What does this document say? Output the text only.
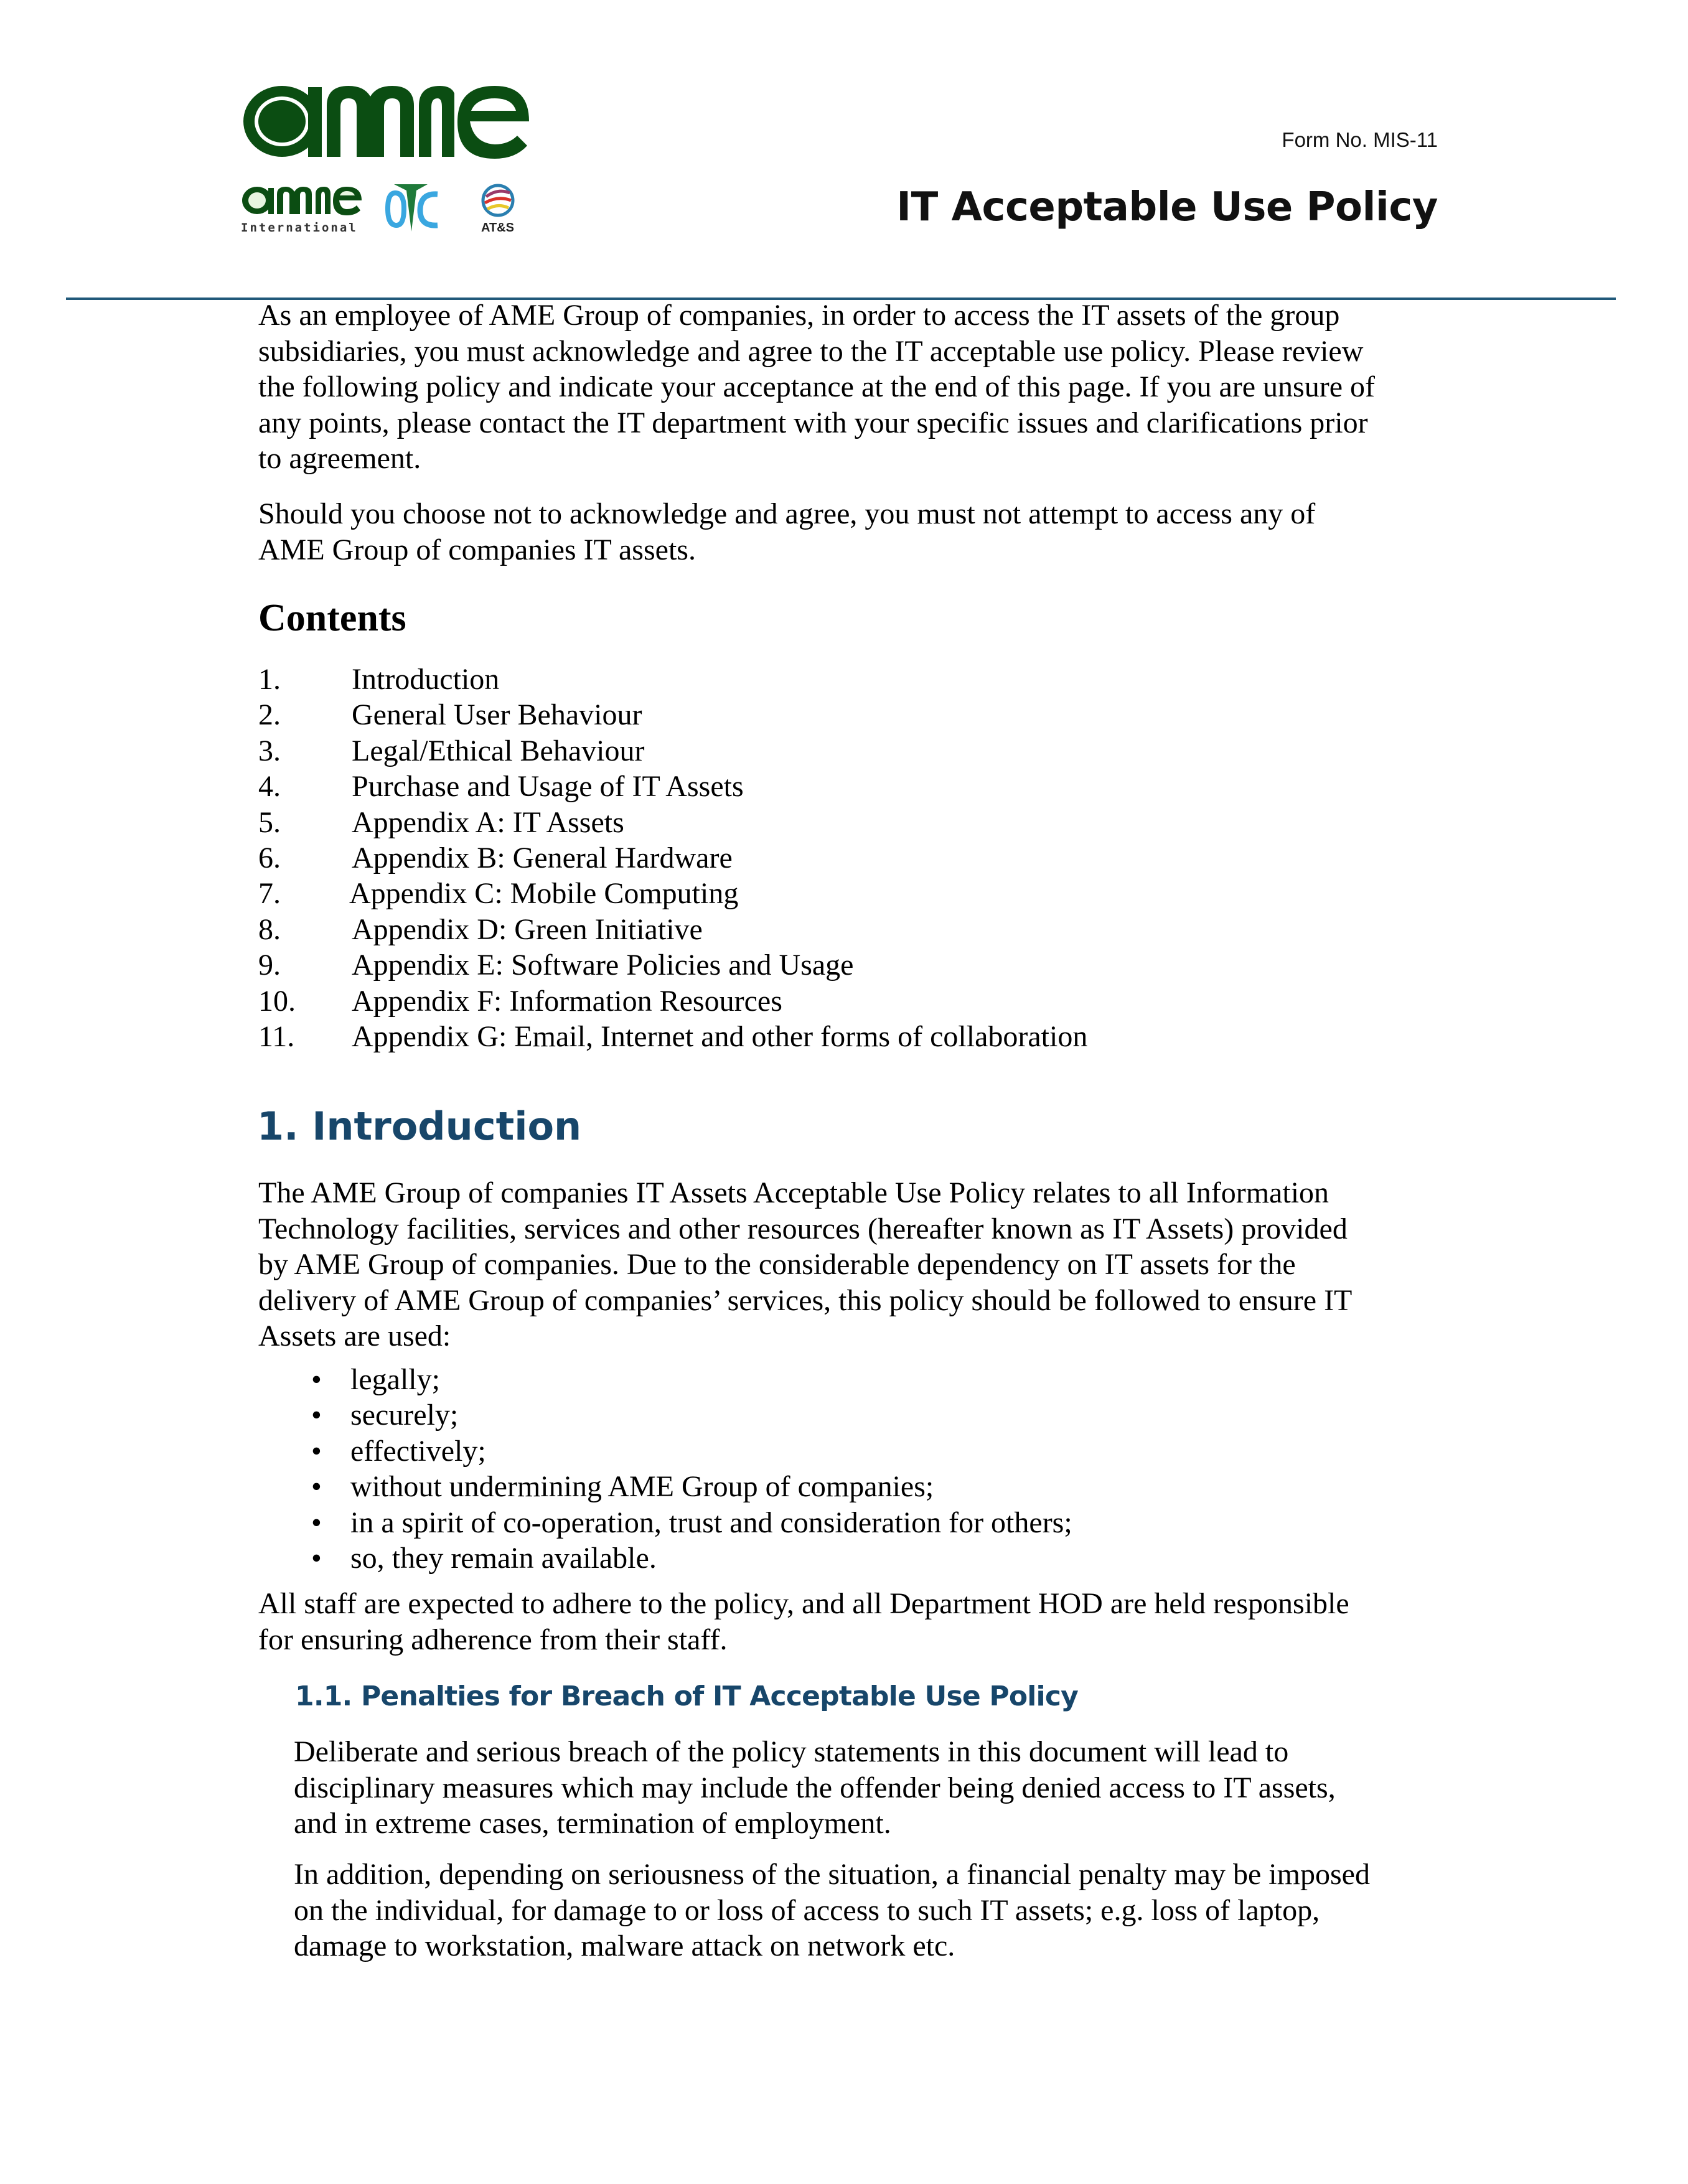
International	AT&S
Form No. MIS-11
IT Acceptable Use Policy

As an employee of AME Group of companies, in order to access the IT assets of the group
subsidiaries, you must acknowledge and agree to the IT acceptable use policy. Please review
the following policy and indicate your acceptance at the end of this page. If you are unsure of
any points, please contact the IT department with your specific issues and clarifications prior
to agreement.

Should you choose not to acknowledge and agree, you must not attempt to access any of
AME Group of companies IT assets.

Contents
1. Introduction
2. General User Behaviour
3. Legal/Ethical Behaviour
4. Purchase and Usage of IT Assets
5. Appendix A: IT Assets
6. Appendix B: General Hardware
7. Appendix C: Mobile Computing
8. Appendix D: Green Initiative
9. Appendix E: Software Policies and Usage
10. Appendix F: Information Resources
11. Appendix G: Email, Internet and other forms of collaboration
1. Introduction

The AME Group of companies IT Assets Acceptable Use Policy relates to all Information
Technology facilities, services and other resources (hereafter known as IT Assets) provided
by AME Group of companies. Due to the considerable dependency on IT assets for the
delivery of AME Group of companies’ services, this policy should be followed to ensure IT
Assets are used:

• legally;
• securely;
• effectively;
• without undermining AME Group of companies;
• in a spirit of co-operation, trust and consideration for others;
• so, they remain available.

All staff are expected to adhere to the policy, and all Department HOD are held responsible
for ensuring adherence from their staff.

1.1. Penalties for Breach of IT Acceptable Use Policy

Deliberate and serious breach of the policy statements in this document will lead to
disciplinary measures which may include the offender being denied access to IT assets,
and in extreme cases, termination of employment.

In addition, depending on seriousness of the situation, a financial penalty may be imposed
on the individual, for damage to or loss of access to such IT assets; e.g. loss of laptop,
damage to workstation, malware attack on network etc.
